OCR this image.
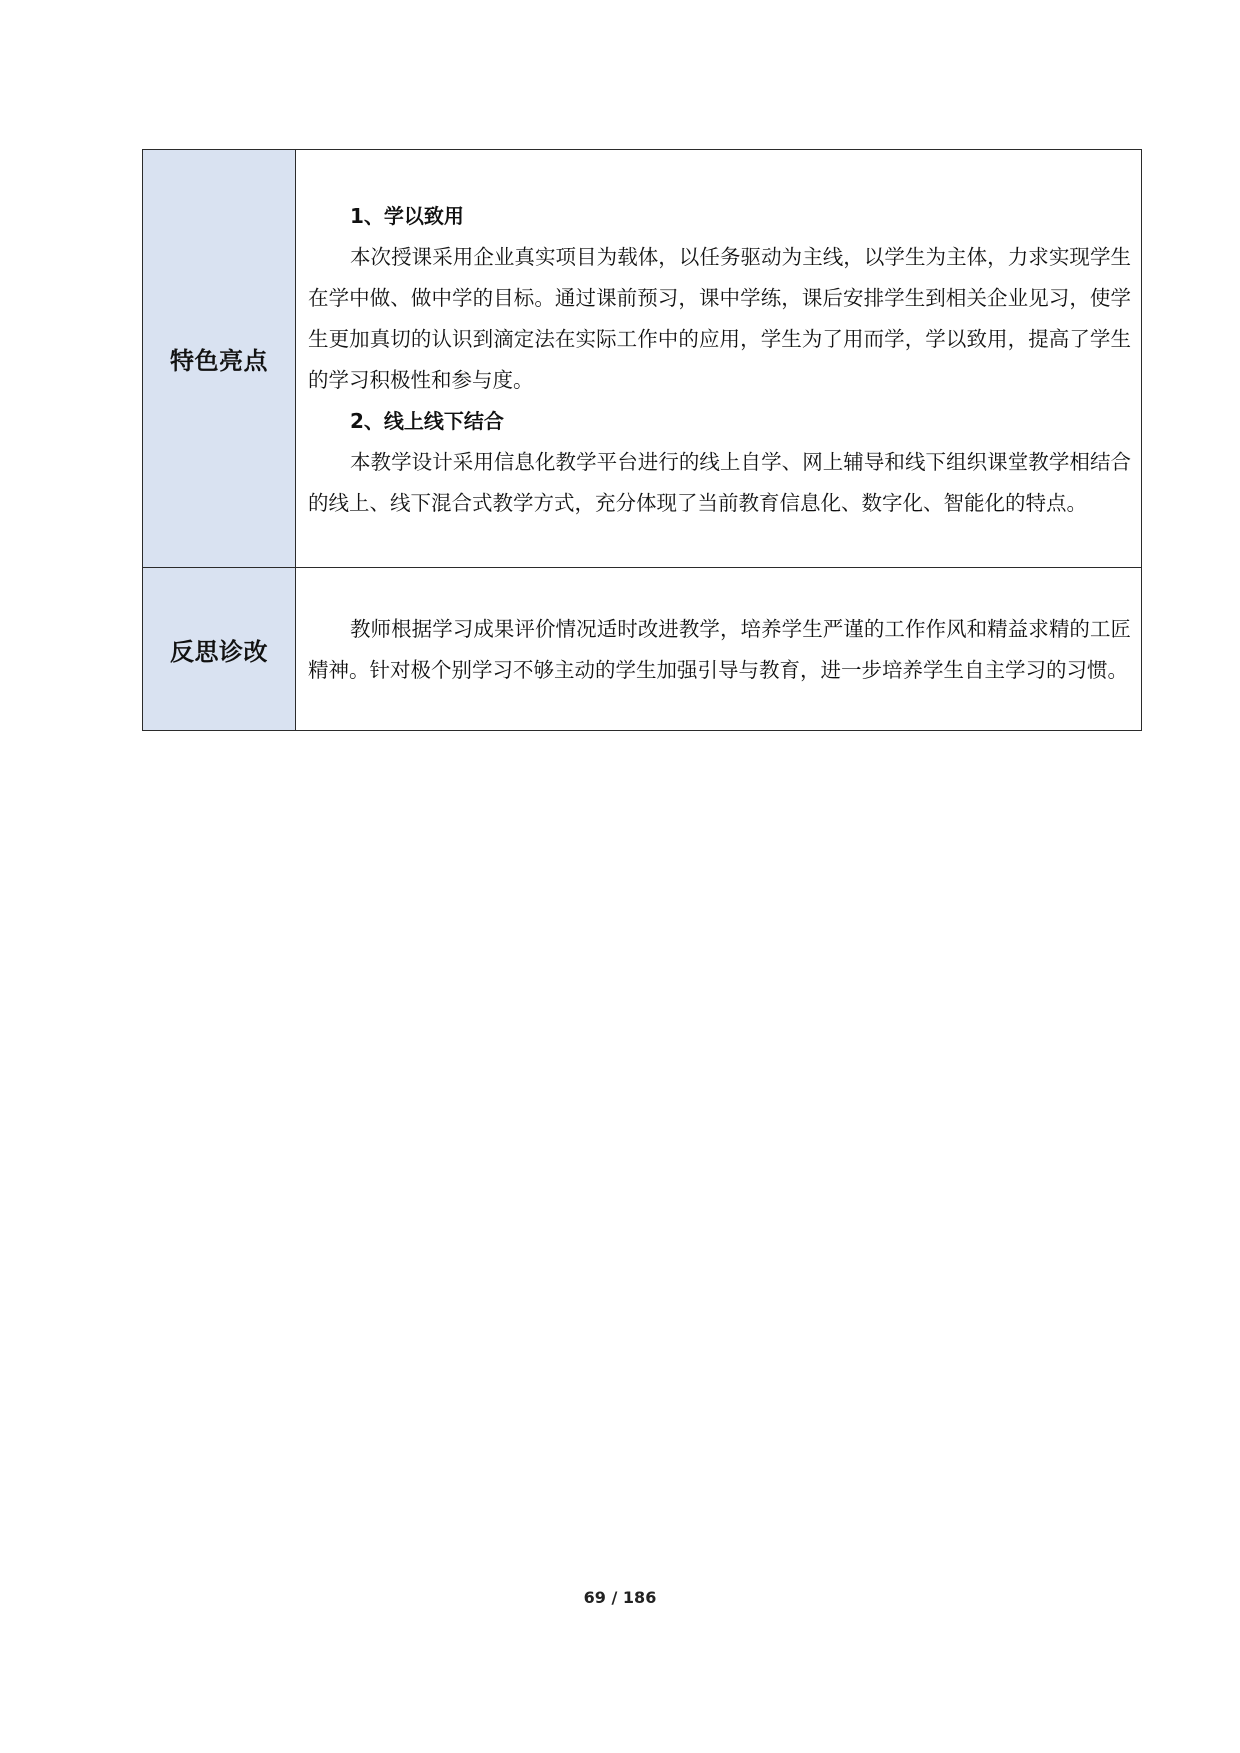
特色亮点	1、学以致用

本次授课采用企业真实项目为载体，以任务驱动为主线，以学生为主体，力求实现学生在学中做、做中学的目标。通过课前预习，课中学练，课后安排学生到相关企业见习，使学生更加真切的认识到滴定法在实际工作中的应用，学生为了用而学，学以致用，提高了学生的学习积极性和参与度。

2、线上线下结合

本教学设计采用信息化教学平台进行的线上自学、网上辅导和线下组织课堂教学相结合的线上、线下混合式教学方式，充分体现了当前教育信息化、数字化、智能化的特点。

反思诊改	教师根据学习成果评价情况适时改进教学，培养学生严谨的工作作风和精益求精的工匠精神。针对极个别学习不够主动的学生加强引导与教育，进一步培养学生自主学习的习惯。

69 / 186
